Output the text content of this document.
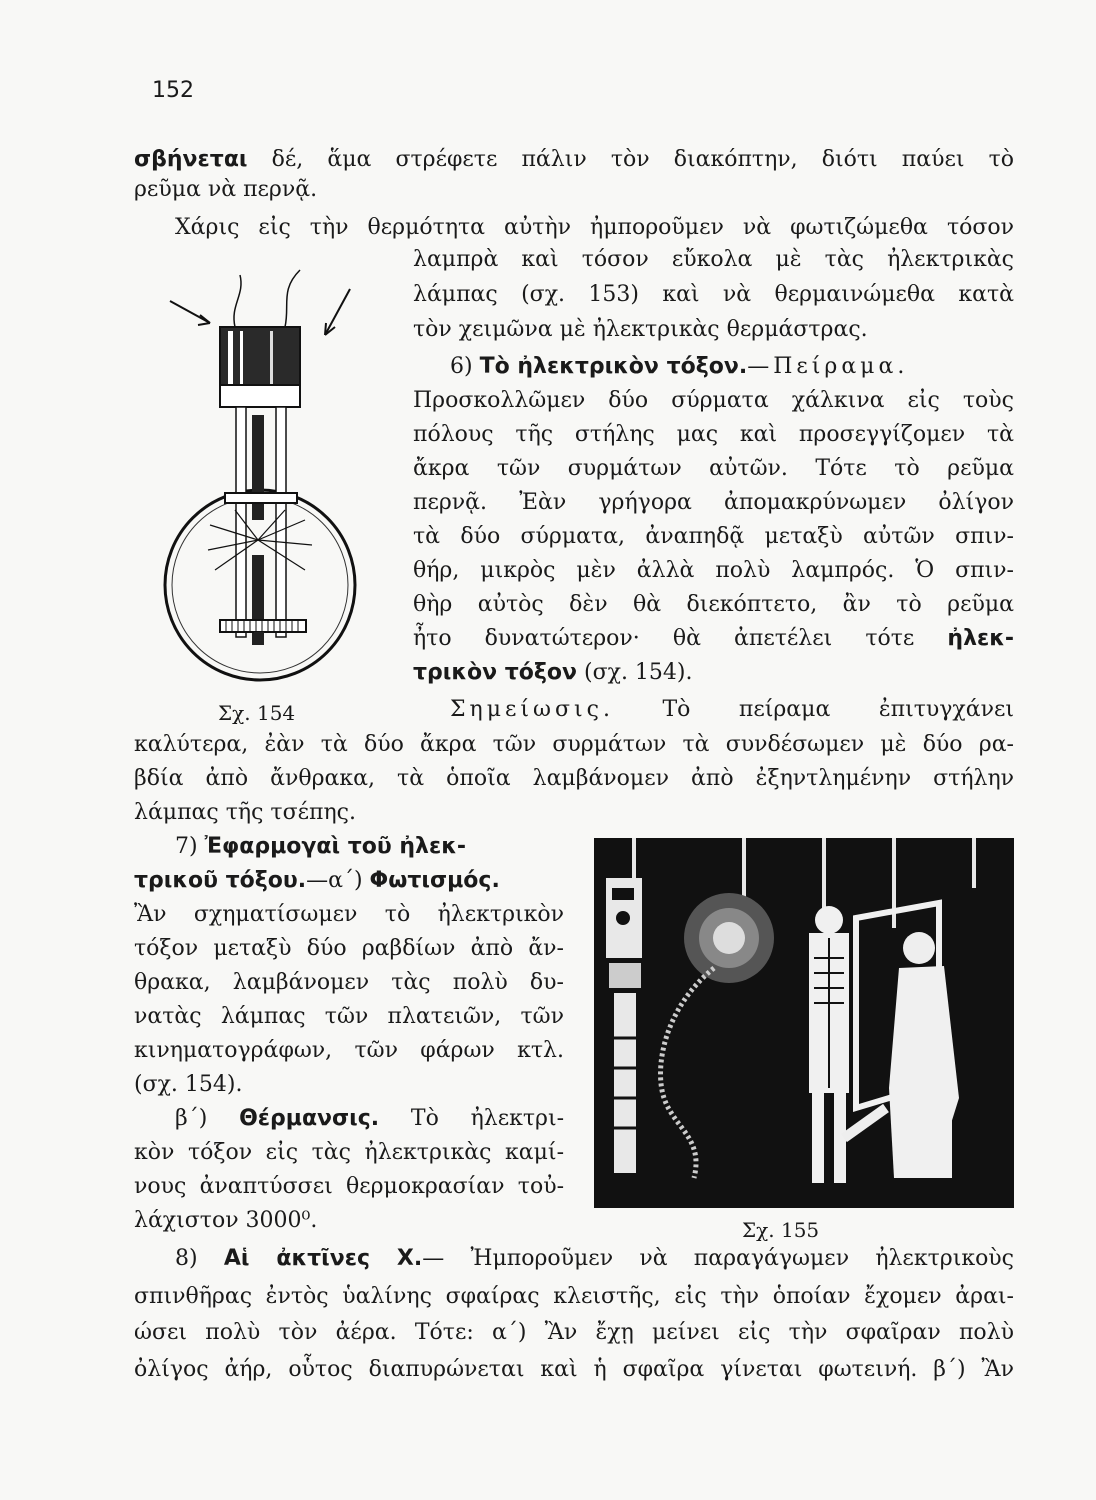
152

σβήνεται δέ, ἅμα στρέφετε πάλιν τὸν διακόπτην, διότι παύει τὸ

ρεῦμα νὰ περνᾷ.

Χάρις εἰς τὴν θερμότητα αὐτὴν ἠμποροῦμεν νὰ φωτιζώμεθα τόσον

λαμπρὰ καὶ τόσον εὔκολα μὲ τὰς ἠλεκτρικὰς

λάμπας (σχ. 153) καὶ νὰ θερμαινώμεθα κατὰ

τὸν χειμῶνα μὲ ἠλεκτρικὰς θερμάστρας.

6) Τὸ ἠλεκτρικὸν τόξον.—Πείραμα.

Προσκολλῶμεν δύο σύρματα χάλκινα εἰς τοὺς

πόλους τῆς στήλης μας καὶ προσεγγίζομεν τὰ

ἄκρα τῶν συρμάτων αὐτῶν. Τότε τὸ ρεῦμα

περνᾷ. Ἐὰν γρήγορα ἀπομακρύνωμεν ὀλίγον

τὰ δύο σύρματα, ἀναπηδᾷ μεταξὺ αὐτῶν σπιν-

θήρ, μικρὸς μὲν ἀλλὰ πολὺ λαμπρός. Ὁ σπιν-

θὴρ αὐτὸς δὲν θὰ διεκόπτετο, ἂν τὸ ρεῦμα

ἦτο δυνατώτερον· θὰ ἀπετέλει τότε ἠλεκ-

τρικὸν τόξον (σχ. 154).

Σχ. 154	Σημείωσις. Τὸ πείραμα ἐπιτυγχάνει

καλύτερα, ἐὰν τὰ δύο ἄκρα τῶν συρμάτων τὰ συνδέσωμεν μὲ δύο ρα-

βδία ἀπὸ ἄνθρακα, τὰ ὁποῖα λαμβάνομεν ἀπὸ ἐξηντλημένην στήλην

λάμπας τῆς τσέπης.

7) Ἐφαρμογαὶ τοῦ ἠλεκ-

τρικοῦ τόξου.—α΄) Φωτισμός.

Ἂν σχηματίσωμεν τὸ ἠλεκτρικὸν

τόξον μεταξὺ δύο ραβδίων ἀπὸ ἄν-

θρακα, λαμβάνομεν τὰς πολὺ δυ-

νατὰς λάμπας τῶν πλατειῶν, τῶν

κινηματογράφων, τῶν φάρων κτλ.

(σχ. 154).

β΄) Θέρμανσις. Τὸ ἠλεκτρι-

κὸν τόξον εἰς τὰς ἠλεκτρικὰς καμί-

νους ἀναπτύσσει θερμοκρασίαν τοὐ-

λάχιστον 3000⁰.	Σχ. 155

8) Αἱ ἀκτῖνες Χ.— Ἠμποροῦμεν νὰ παραγάγωμεν ἠλεκτρικοὺς

σπινθῆρας ἐντὸς ὑαλίνης σφαίρας κλειστῆς, εἰς τὴν ὁποίαν ἔχομεν ἀραι-

ώσει πολὺ τὸν ἀέρα. Τότε: α΄) Ἂν ἔχῃ μείνει εἰς τὴν σφαῖραν πολὺ

ὀλίγος ἀήρ, οὗτος διαπυρώνεται καὶ ἡ σφαῖρα γίνεται φωτεινή. β΄) Ἂν
